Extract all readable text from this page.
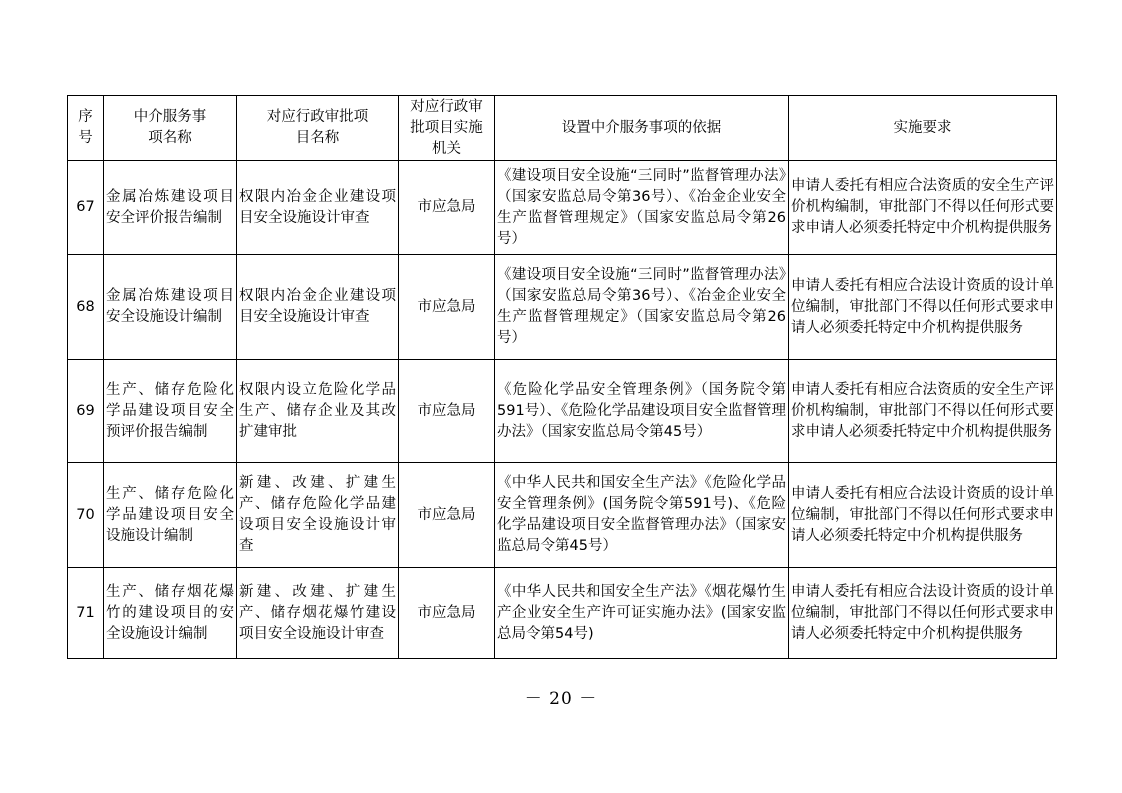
序号	中介服务事项名称	对应行政审批项目名称	对应行政审批项目实施机关	设置中介服务事项的依据	实施要求
67	金属冶炼建设项目安全评价报告编制	权限内冶金企业建设项目安全设施设计审查	市应急局	《建设项目安全设施“三同时”监督管理办法》（国家安监总局令第36号）、《冶金企业安全生产监督管理规定》（国家安监总局令第26号）	申请人委托有相应合法资质的安全生产评价机构编制，审批部门不得以任何形式要求申请人必须委托特定中介机构提供服务
68	金属冶炼建设项目安全设施设计编制	权限内冶金企业建设项目安全设施设计审查	市应急局	《建设项目安全设施“三同时”监督管理办法》（国家安监总局令第36号）、《冶金企业安全生产监督管理规定》（国家安监总局令第26号）	申请人委托有相应合法设计资质的设计单位编制，审批部门不得以任何形式要求申请人必须委托特定中介机构提供服务
69	生产、储存危险化学品建设项目安全预评价报告编制	权限内设立危险化学品生产、储存企业及其改扩建审批	市应急局	《危险化学品安全管理条例》（国务院令第591号）、《危险化学品建设项目安全监督管理办法》（国家安监总局令第45号）	申请人委托有相应合法资质的安全生产评价机构编制，审批部门不得以任何形式要求申请人必须委托特定中介机构提供服务
70	生产、储存危险化学品建设项目安全设施设计编制	新建、改建、扩建生产、储存危险化学品建设项目安全设施设计审查	市应急局	《中华人民共和国安全生产法》《危险化学品安全管理条例》(国务院令第591号)、《危险化学品建设项目安全监督管理办法》（国家安监总局令第45号）	申请人委托有相应合法设计资质的设计单位编制，审批部门不得以任何形式要求申请人必须委托特定中介机构提供服务
71	生产、储存烟花爆竹的建设项目的安全设施设计编制	新建、改建、扩建生产、储存烟花爆竹建设项目安全设施设计审查	市应急局	《中华人民共和国安全生产法》《烟花爆竹生产企业安全生产许可证实施办法》(国家安监总局令第54号)	申请人委托有相应合法设计资质的设计单位编制，审批部门不得以任何形式要求申请人必须委托特定中介机构提供服务
－ 20 －
